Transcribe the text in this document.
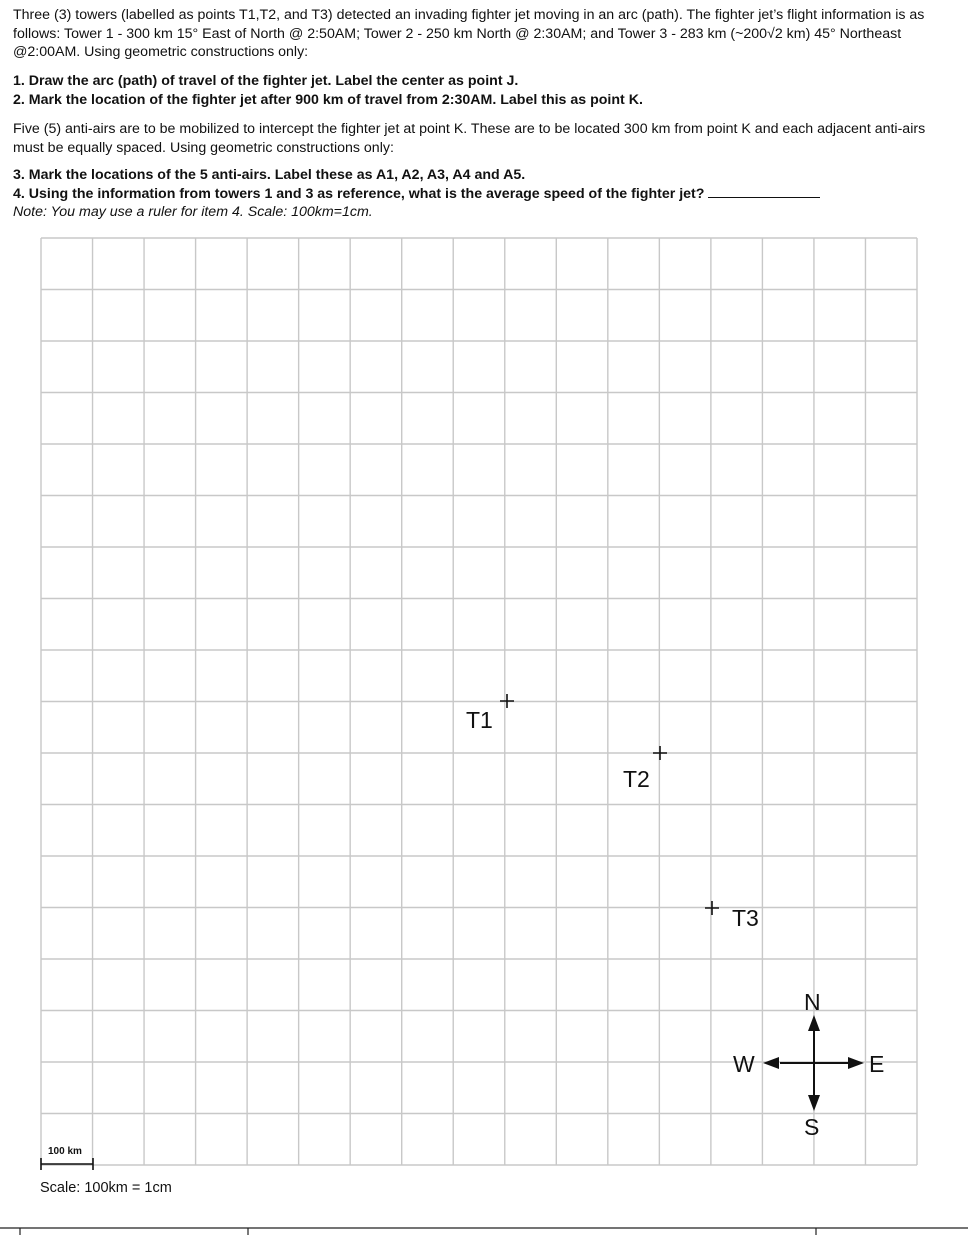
Three (3) towers (labelled as points T1,T2, and T3) detected an invading fighter jet moving in an arc (path). The fighter jet’s flight information is as follows: Tower 1 - 300 km 15° East of North @ 2:50AM; Tower 2 - 250 km North @ 2:30AM; and Tower 3 - 283 km (~200√2 km) 45° Northeast @2:00AM. Using geometric constructions only:

1. Draw the arc (path) of travel of the fighter jet. Label the center as point J.

2. Mark the location of the fighter jet after 900 km of travel from 2:30AM. Label this as point K.

Five (5) anti-airs are to be mobilized to intercept the fighter jet at point K. These are to be located 300 km from point K and each adjacent anti-airs must be equally spaced. Using geometric constructions only:

3. Mark the locations of the 5 anti-airs. Label these as A1, A2, A3, A4 and A5.

4. Using the information from towers 1 and 3 as reference, what is the average speed of the fighter jet?

Note: You may use a ruler for item 4. Scale: 100km=1cm.

T1
T2
T3
N
S
E
W
100 km
Scale: 100km = 1cm
